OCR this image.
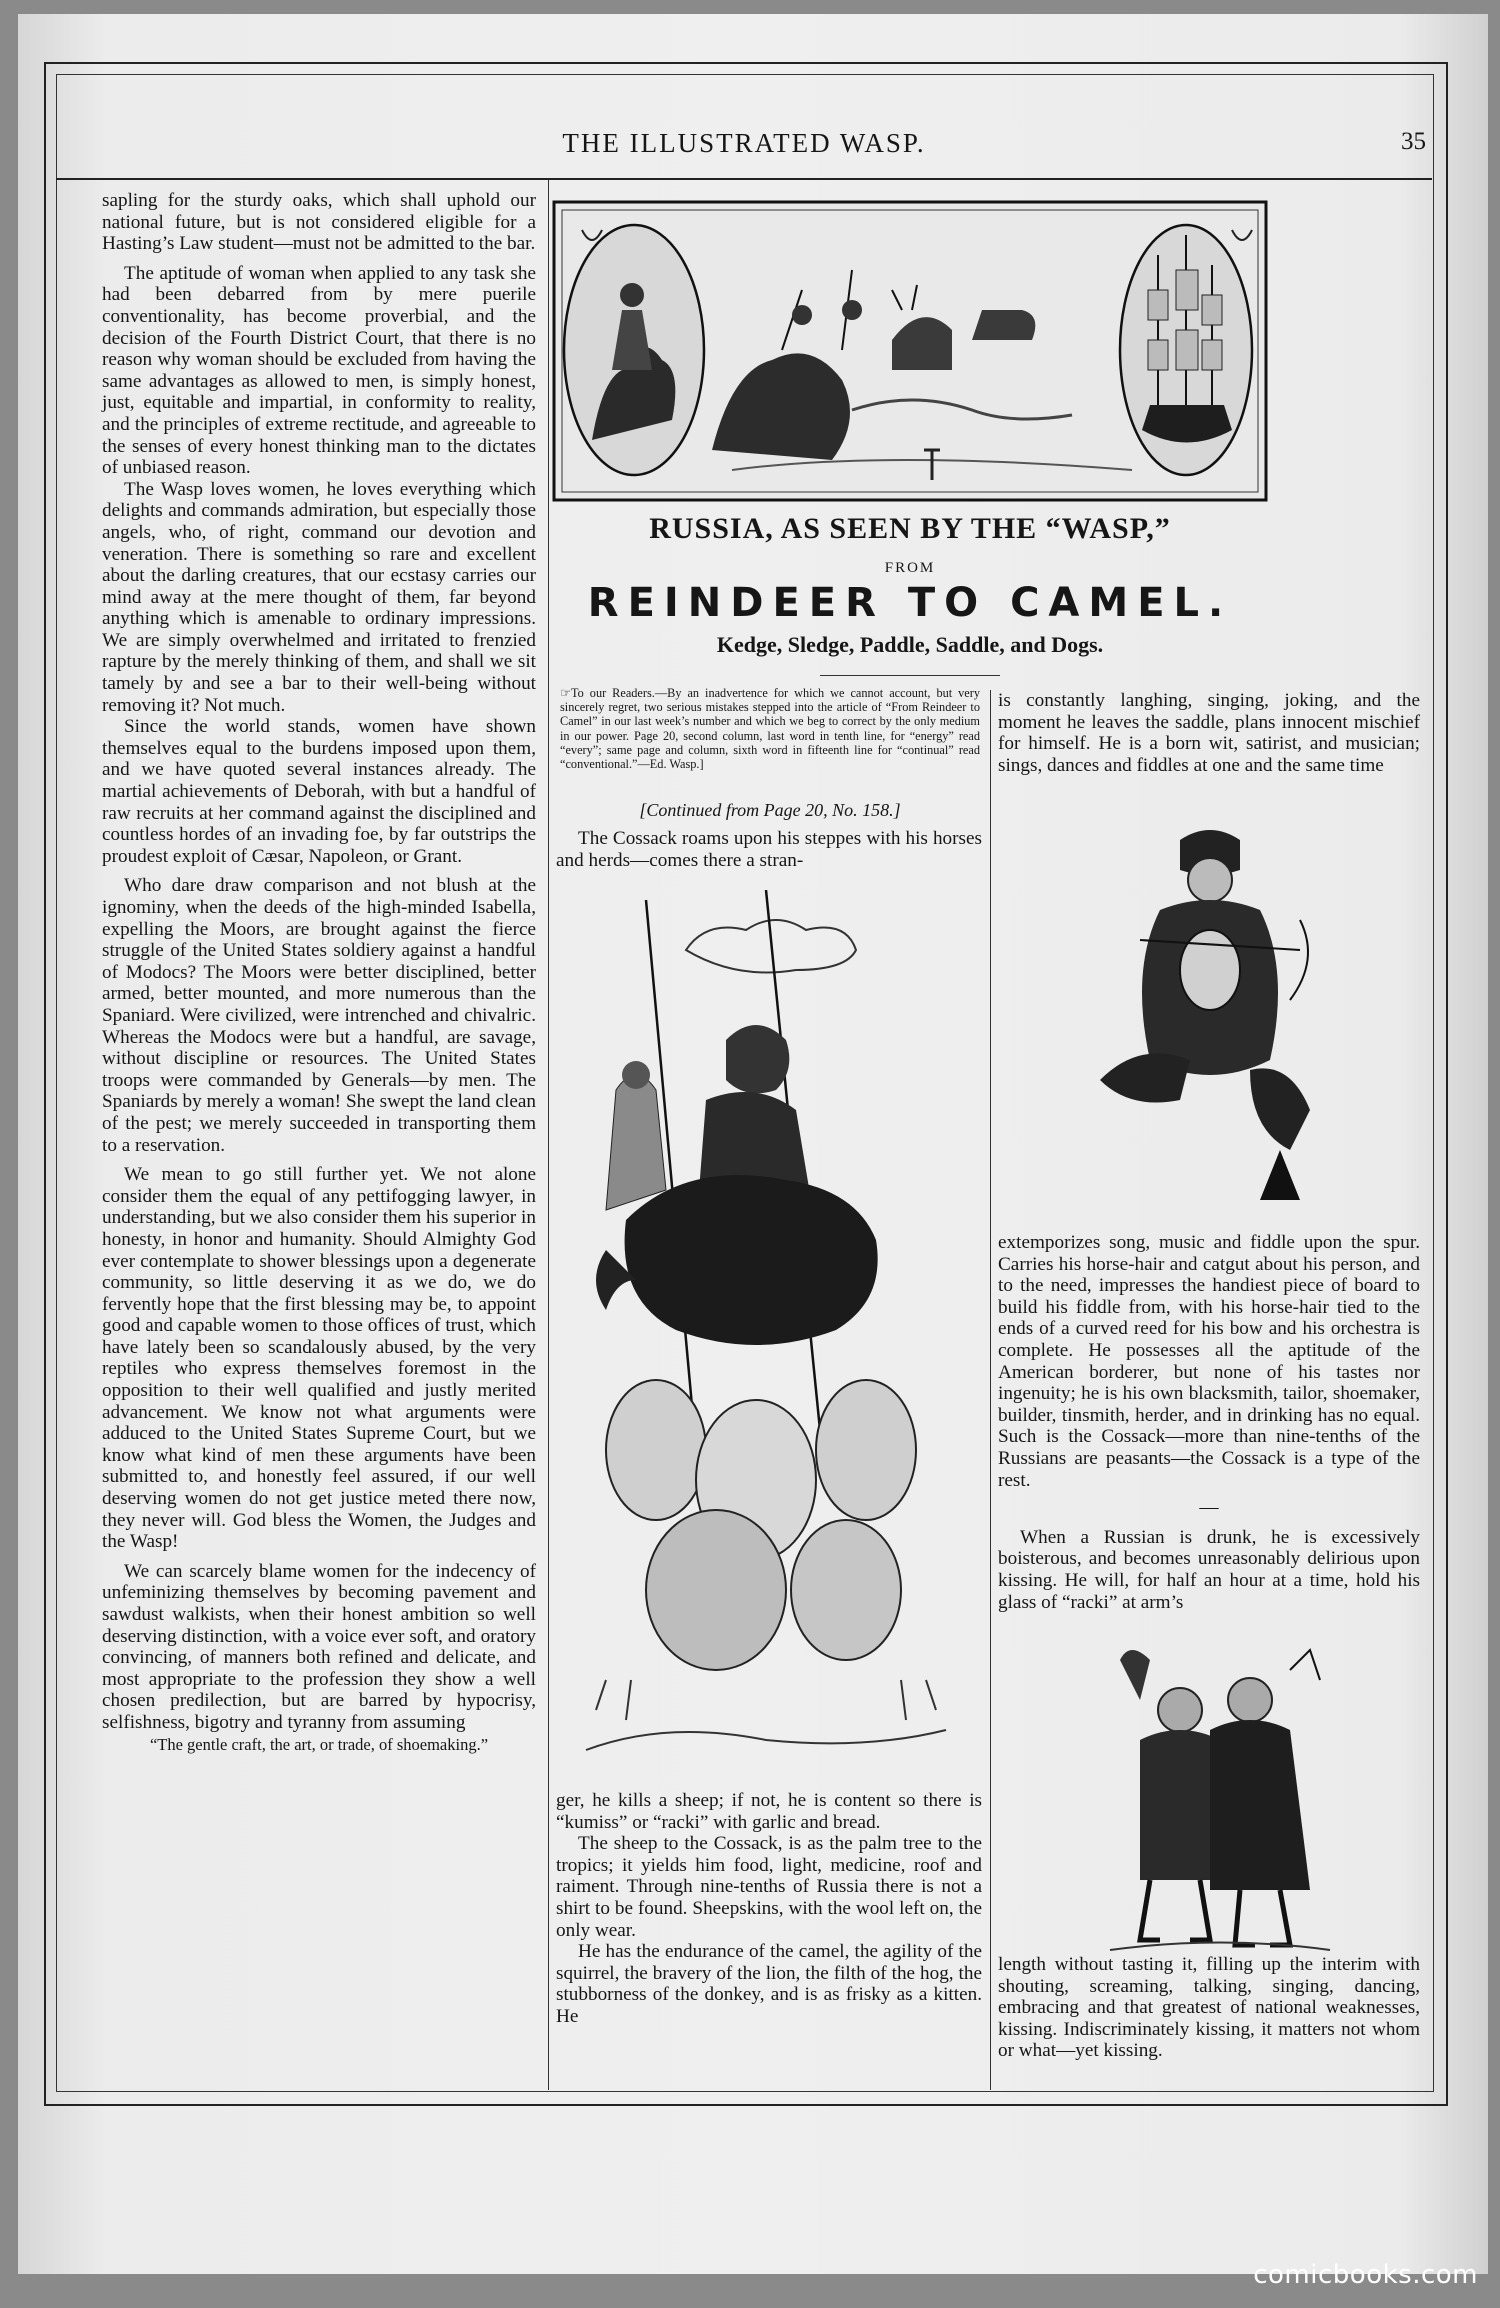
THE ILLUSTRATED WASP.	35

sapling for the sturdy oaks, which shall uphold our national future, but is not considered eligible for a Hasting’s Law student—must not be admitted to the bar.

The aptitude of woman when applied to any task she had been debarred from by mere puerile conventionality, has become proverbial, and the decision of the Fourth District Court, that there is no reason why woman should be excluded from having the same advantages as allowed to men, is simply honest, just, equitable and impartial, in conformity to reality, and the principles of extreme rectitude, and agreeable to the senses of every honest thinking man to the dictates of unbiased reason.

The Wasp loves women, he loves everything which delights and commands admiration, but especially those angels, who, of right, command our devotion and veneration. There is something so rare and excellent about the darling creatures, that our ecstasy carries our mind away at the mere thought of them, far beyond anything which is amenable to ordinary impressions. We are simply overwhelmed and irritated to frenzied rapture by the merely thinking of them, and shall we sit tamely by and see a bar to their well-being without removing it? Not much.

Since the world stands, women have shown themselves equal to the burdens imposed upon them, and we have quoted several instances already. The martial achievements of Deborah, with but a handful of raw recruits at her command against the disciplined and countless hordes of an invading foe, by far outstrips the proudest exploit of Cæsar, Napoleon, or Grant.

Who dare draw comparison and not blush at the ignominy, when the deeds of the high-minded Isabella, expelling the Moors, are brought against the fierce struggle of the United States soldiery against a handful of Modocs? The Moors were better disciplined, better armed, better mounted, and more numerous than the Spaniard. Were civilized, were intrenched and chivalric. Whereas the Modocs were but a handful, are savage, without discipline or resources. The United States troops were commanded by Generals—by men. The Spaniards by merely a woman! She swept the land clean of the pest; we merely succeeded in transporting them to a reservation.

We mean to go still further yet. We not alone consider them the equal of any pettifogging lawyer, in understanding, but we also consider them his superior in honesty, in honor and humanity. Should Almighty God ever contemplate to shower blessings upon a degenerate community, so little deserving it as we do, we do fervently hope that the first blessing may be, to appoint good and capable women to those offices of trust, which have lately been so scandalously abused, by the very reptiles who express themselves foremost in the opposition to their well qualified and justly merited advancement. We know not what arguments were adduced to the United States Supreme Court, but we know what kind of men these arguments have been submitted to, and honestly feel assured, if our well deserving women do not get justice meted there now, they never will. God bless the Women, the Judges and the Wasp!

We can scarcely blame women for the indecency of unfeminizing themselves by becoming pavement and sawdust walkists, when their honest ambition so well deserving distinction, with a voice ever soft, and oratory convincing, of manners both refined and delicate, and most appropriate to the profession they show a well chosen predilection, but are barred by hypocrisy, selfishness, bigotry and tyranny from assuming

“The gentle craft, the art, or trade, of shoemaking.”

RUSSIA, AS SEEN BY THE “WASP,”
FROM
REINDEER TO CAMEL.
Kedge, Sledge, Paddle, Saddle, and Dogs.
☞To our Readers.—By an inadvertence for which we cannot account, but very sincerely regret, two serious mistakes stepped into the article of “From Reindeer to Camel” in our last week’s number and which we beg to correct by the only medium in our power. Page 20, second column, last word in tenth line, for “energy” read “every”; same page and column, sixth word in fifteenth line for “continual” read “conventional.”—Ed. Wasp.]
[Continued from Page 20, No. 158.]

The Cossack roams upon his steppes with his horses and herds—comes there a stran-

ger, he kills a sheep; if not, he is content so there is “kumiss” or “racki” with garlic and bread.

The sheep to the Cossack, is as the palm tree to the tropics; it yields him food, light, medicine, roof and raiment. Through nine-tenths of Russia there is not a shirt to be found. Sheepskins, with the wool left on, the only wear.

He has the endurance of the camel, the agility of the squirrel, the bravery of the lion, the filth of the hog, the stubborness of the donkey, and is as frisky as a kitten. He

is constantly langhing, singing, joking, and the moment he leaves the saddle, plans innocent mischief for himself. He is a born wit, satirist, and musician; sings, dances and fiddles at one and the same time

extemporizes song, music and fiddle upon the spur. Carries his horse-hair and catgut about his person, and to the need, impresses the handiest piece of board to build his fiddle from, with his horse-hair tied to the ends of a curved reed for his bow and his orchestra is complete. He possesses all the aptitude of the American borderer, but none of his tastes nor ingenuity; he is his own blacksmith, tailor, shoemaker, builder, tinsmith, herder, and in drinking has no equal. Such is the Cossack—more than nine-tenths of the Russians are peasants—the Cossack is a type of the rest.

—

When a Russian is drunk, he is excessively boisterous, and becomes unreasonably delirious upon kissing. He will, for half an hour at a time, hold his glass of “racki” at arm’s

length without tasting it, filling up the interim with shouting, screaming, talking, singing, dancing, embracing and that greatest of national weaknesses, kissing. Indiscriminately kissing, it matters not whom or what—yet kissing.

comicbooks.com
